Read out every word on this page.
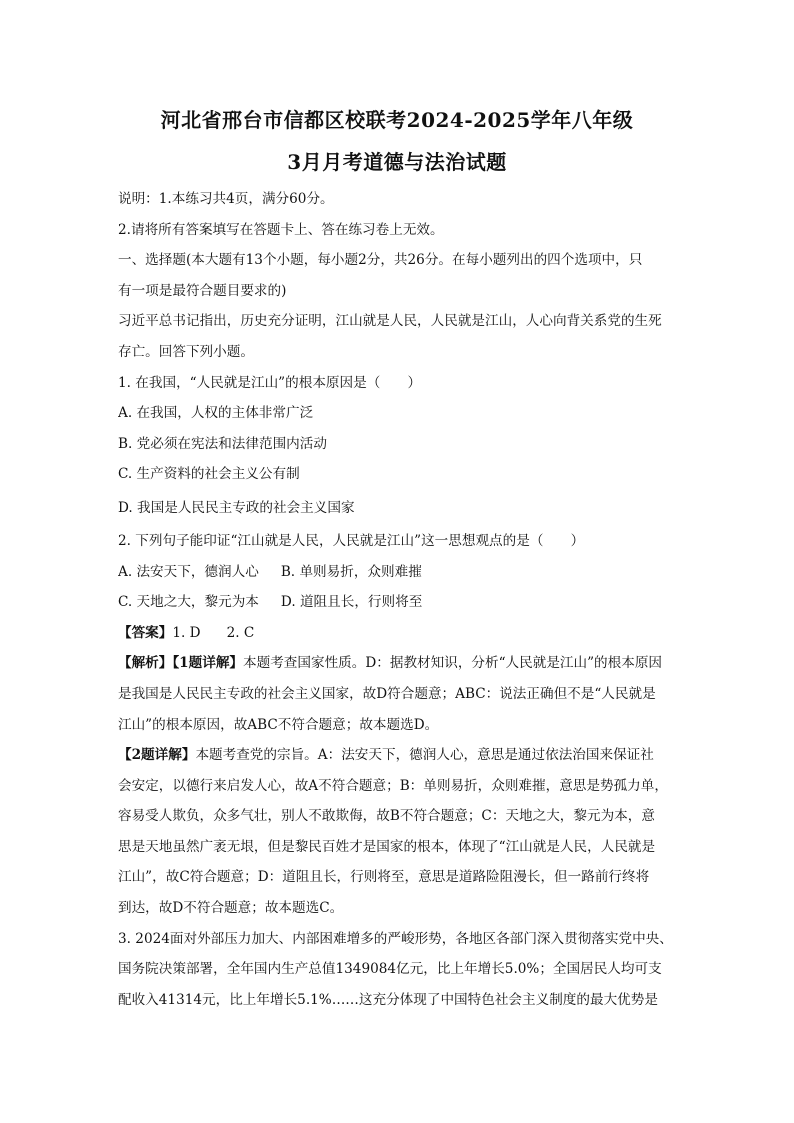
河北省邢台市信都区校联考2024-2025学年八年级
3月月考道德与法治试题
说明：1.本练习共4页，满分60分。
2.请将所有答案填写在答题卡上、答在练习卷上无效。
一、选择题(本大题有13个小题，每小题2分，共26分。在每小题列出的四个选项中，只
有一项是最符合题目要求的)
习近平总书记指出，历史充分证明，江山就是人民，人民就是江山，人心向背关系党的生死
存亡。回答下列小题。
1. 在我国，“人民就是江山”的根本原因是（　　）
A. 在我国，人权的主体非常广泛
B. 党必须在宪法和法律范围内活动
C. 生产资料的社会主义公有制
D. 我国是人民民主专政的社会主义国家
2. 下列句子能印证“江山就是人民，人民就是江山”这一思想观点的是（　　）
A. 法安天下，德润人心 B. 单则易折，众则难摧
C. 天地之大，黎元为本 D. 道阻且长，行则将至
【答案】1. D 2. C
【解析】【1题详解】本题考查国家性质。D：据教材知识，分析“人民就是江山”的根本原因
是我国是人民民主专政的社会主义国家，故D符合题意；ABC：说法正确但不是“人民就是
江山”的根本原因，故ABC不符合题意；故本题选D。
【2题详解】本题考查党的宗旨。A：法安天下，德润人心，意思是通过依法治国来保证社
会安定，以德行来启发人心，故A不符合题意；B：单则易折，众则难摧，意思是势孤力单，
容易受人欺负，众多气壮，别人不敢欺侮，故B不符合题意；C：天地之大，黎元为本，意
思是天地虽然广袤无垠，但是黎民百姓才是国家的根本，体现了“江山就是人民，人民就是
江山”，故C符合题意；D：道阻且长，行则将至，意思是道路险阻漫长，但一路前行终将
到达，故D不符合题意；故本题选C。
3. 2024面对外部压力加大、内部困难增多的严峻形势，各地区各部门深入贯彻落实党中央、
国务院决策部署，全年国内生产总值1349084亿元，比上年增长5.0%；全国居民人均可支
配收入41314元，比上年增长5.1%……这充分体现了中国特色社会主义制度的最大优势是
